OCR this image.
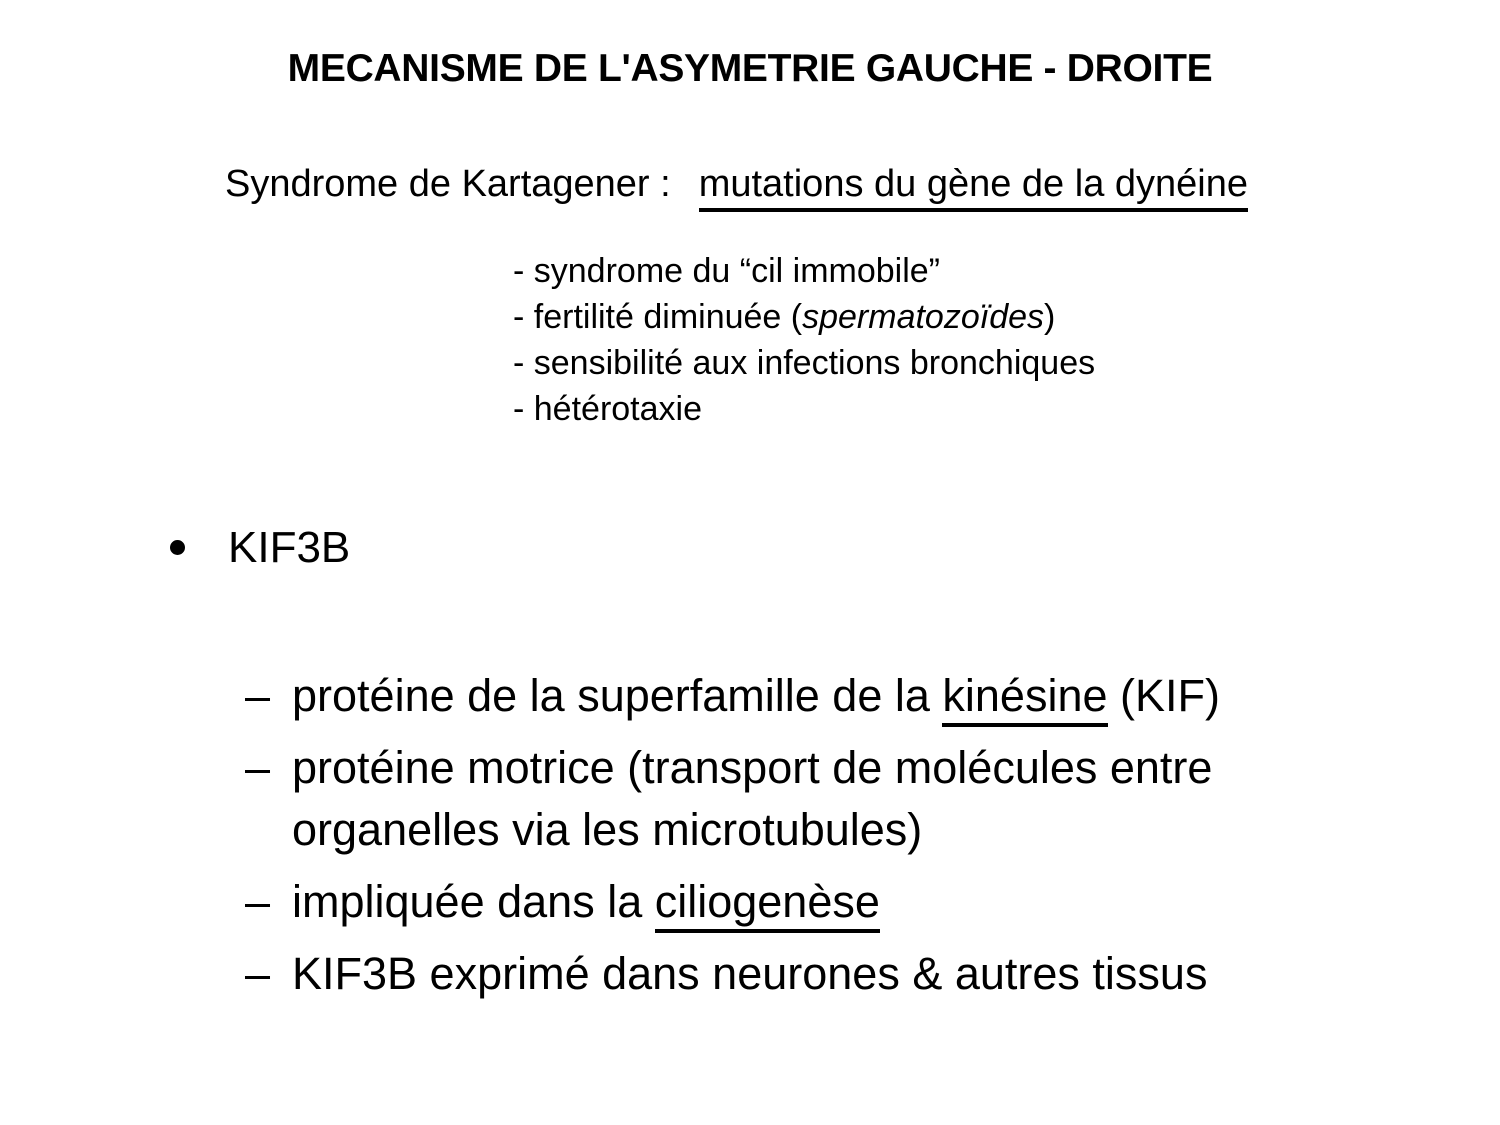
MECANISME DE L'ASYMETRIE GAUCHE - DROITE
Syndrome de Kartagener : mutations du gène de la dynéine
- syndrome du “cil immobile”
- fertilité diminuée (spermatozoïdes)
- sensibilité aux infections bronchiques
- hétérotaxie
KIF3B
– protéine de la superfamille de la kinésine (KIF)
– protéine motrice (transport de molécules entre organelles via les microtubules)
– impliquée dans la ciliogenèse
– KIF3B exprimé dans neurones & autres tissus
